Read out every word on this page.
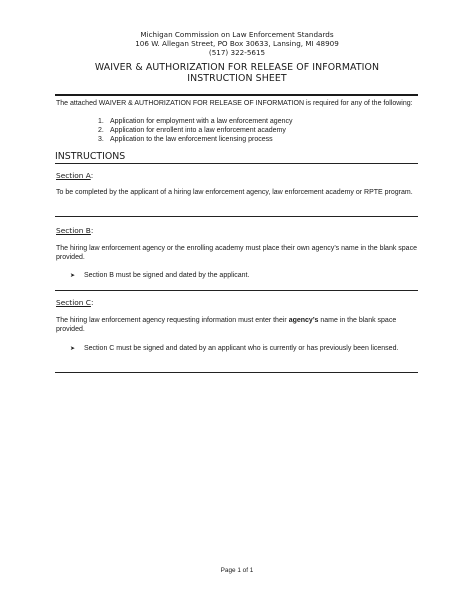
Michigan Commission on Law Enforcement Standards
106 W. Allegan Street, PO Box 30633, Lansing, MI 48909
(517) 322-5615
WAIVER & AUTHORIZATION FOR RELEASE OF INFORMATION
INSTRUCTION SHEET
The attached WAIVER & AUTHORIZATION FOR RELEASE OF INFORMATION is required for any of the following:
1. Application for employment with a law enforcement agency
2. Application for enrollent into a law enforcement academy
3. Application to the law enforcement licensing process
INSTRUCTIONS
Section A:
To be completed by the applicant of a hiring law enforcement agency, law enforcement academy or RPTE program.
Section B:
The hiring law enforcement agency or the enrolling academy must place their own agency’s name in the blank space provided.
➤	Section B must be signed and dated by the applicant.
Section C:
The hiring law enforcement agency requesting information must enter their agency’s name in the blank space provided.
➤	Section C must be signed and dated by an applicant who is currently or has previously been licensed.
Page 1 of 1
